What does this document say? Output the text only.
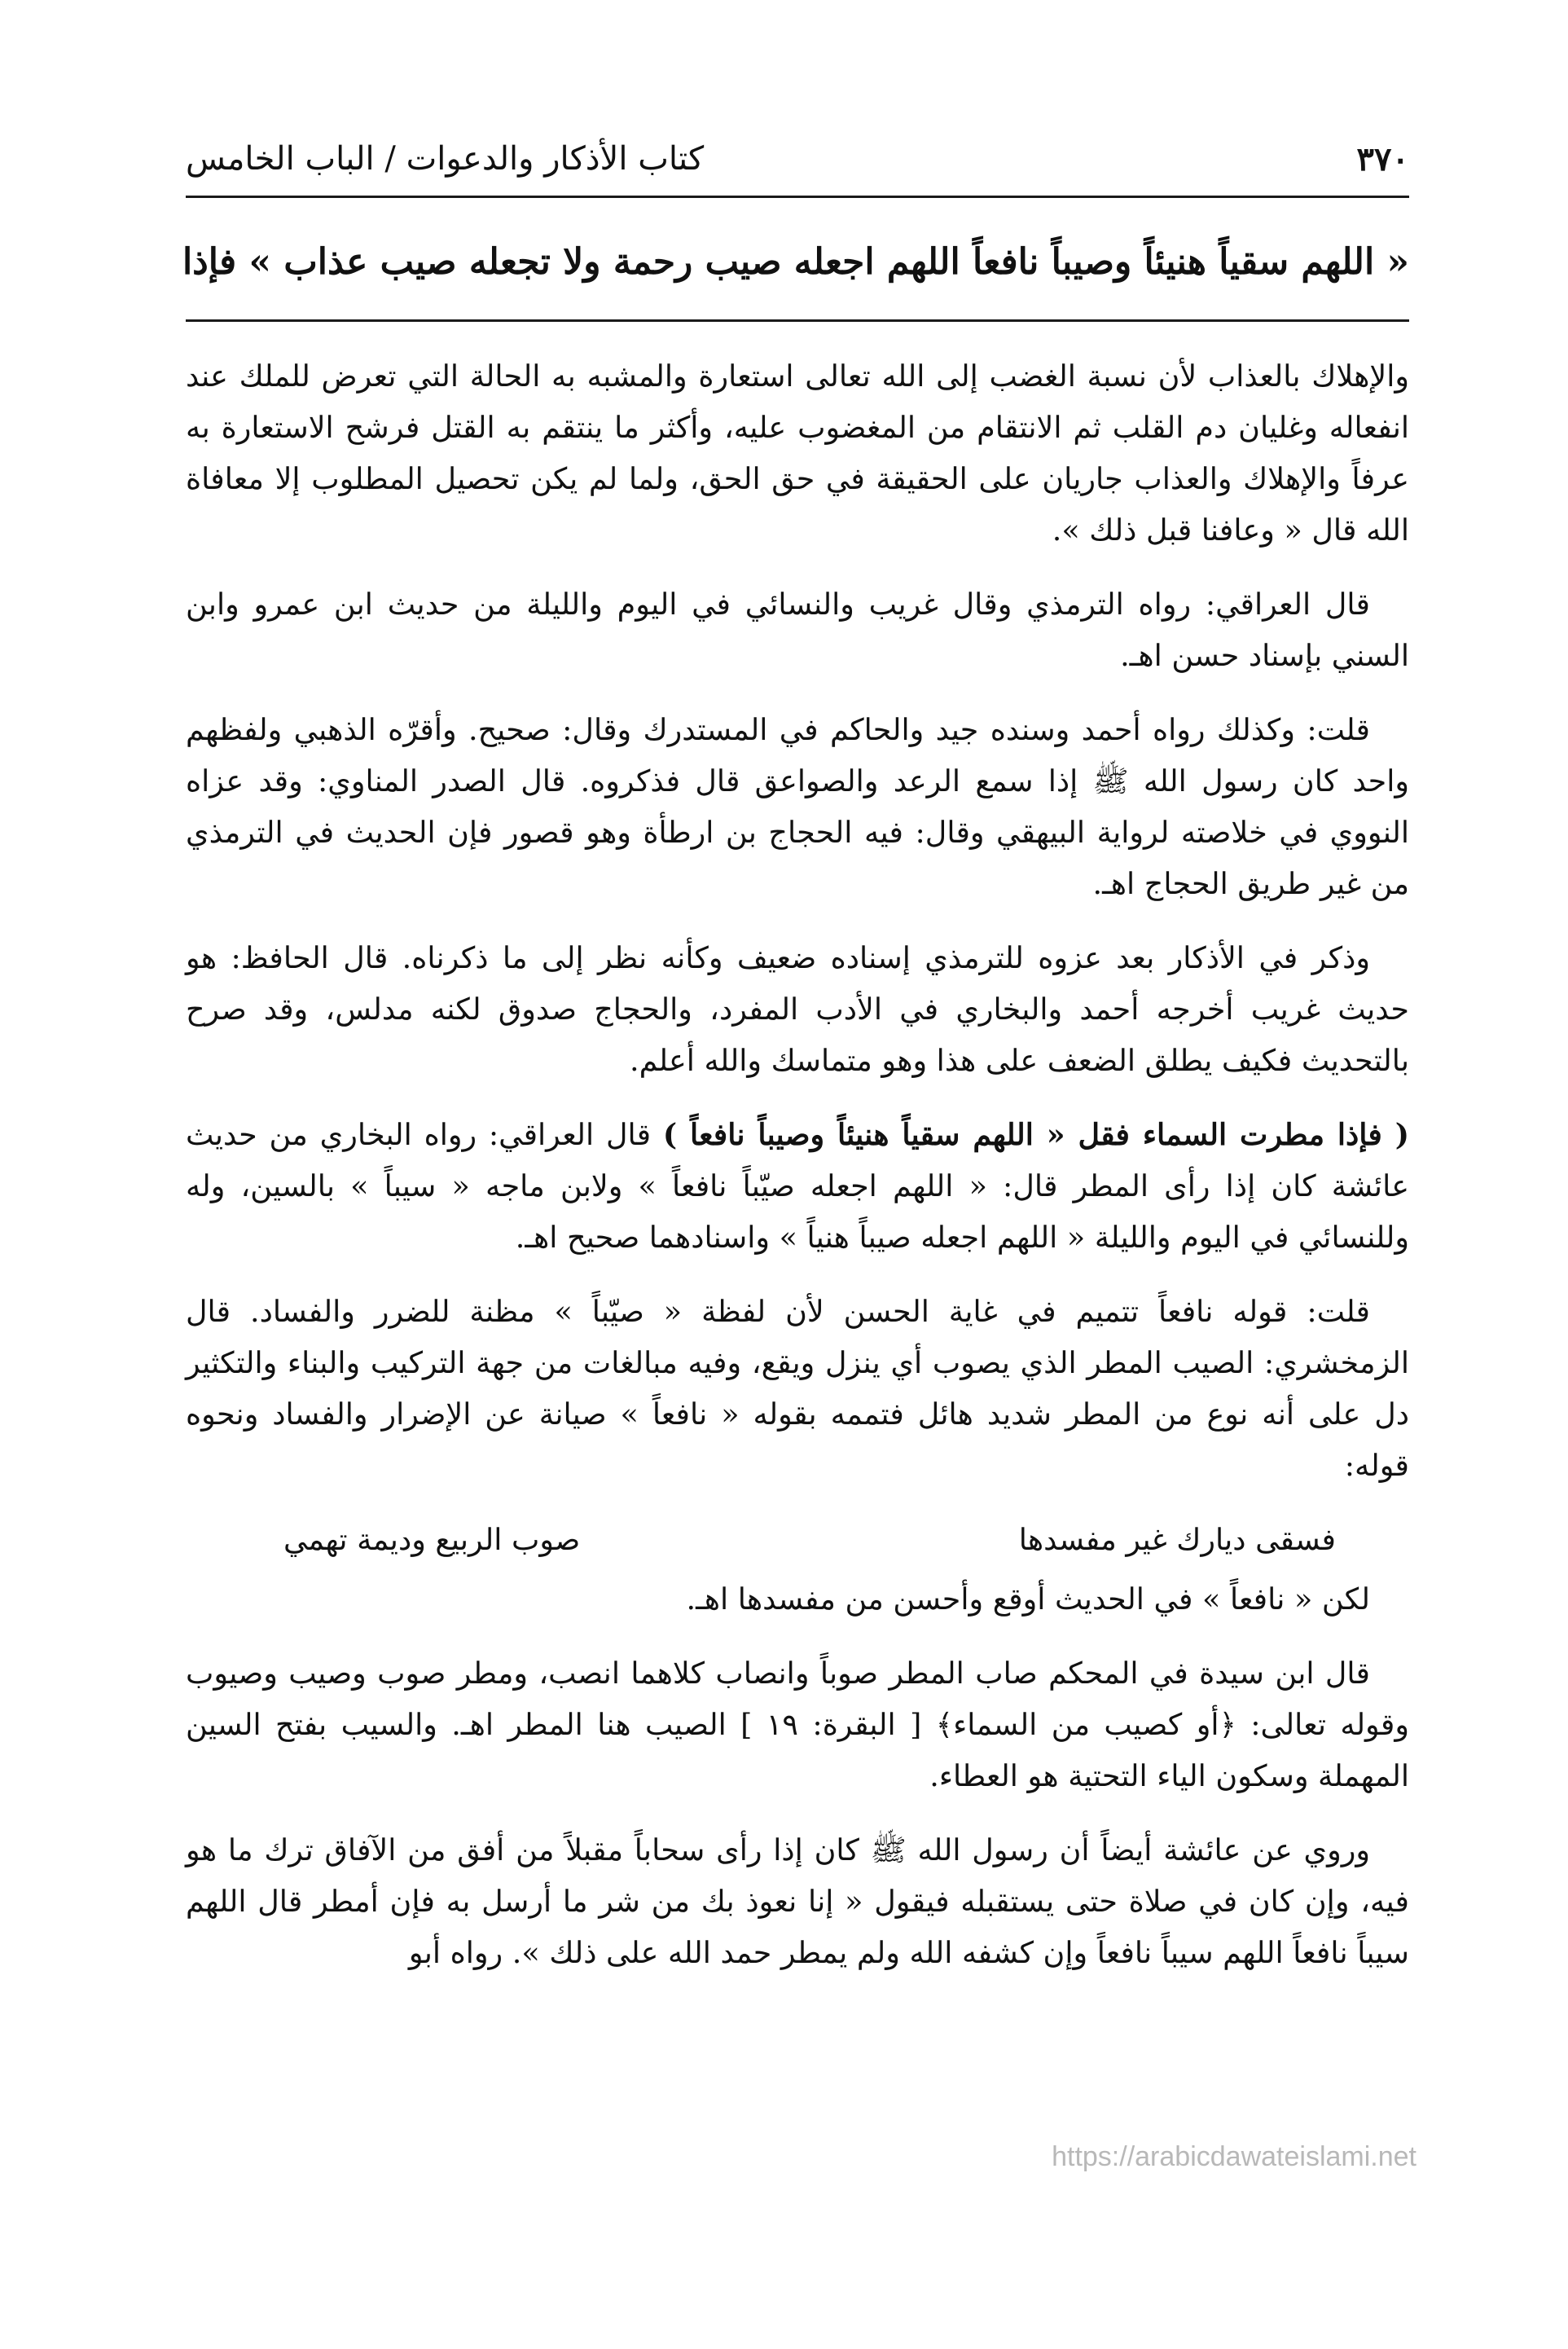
٣٧٠
كتاب الأذكار والدعوات / الباب الخامس
« اللهم سقياً هنيئاً وصيباً نافعاً اللهم اجعله صيب رحمة ولا تجعله صيب عذاب » فإذا

والإهلاك بالعذاب لأن نسبة الغضب إلى الله تعالى استعارة والمشبه به الحالة التي تعرض للملك عند انفعاله وغليان دم القلب ثم الانتقام من المغضوب عليه، وأكثر ما ينتقم به القتل فرشح الاستعارة به عرفاً والإهلاك والعذاب جاريان على الحقيقة في حق الحق، ولما لم يكن تحصيل المطلوب إلا معافاة الله قال « وعافنا قبل ذلك ».

قال العراقي: رواه الترمذي وقال غريب والنسائي في اليوم والليلة من حديث ابن عمرو وابن السني بإسناد حسن اهـ.

قلت: وكذلك رواه أحمد وسنده جيد والحاكم في المستدرك وقال: صحيح. وأقرّه الذهبي ولفظهم واحد كان رسول الله ﷺ إذا سمع الرعد والصواعق قال فذكروه. قال الصدر المناوي: وقد عزاه النووي في خلاصته لرواية البيهقي وقال: فيه الحجاج بن ارطأة وهو قصور فإن الحديث في الترمذي من غير طريق الحجاج اهـ.

وذكر في الأذكار بعد عزوه للترمذي إسناده ضعيف وكأنه نظر إلى ما ذكرناه. قال الحافظ: هو حديث غريب أخرجه أحمد والبخاري في الأدب المفرد، والحجاج صدوق لكنه مدلس، وقد صرح بالتحديث فكيف يطلق الضعف على هذا وهو متماسك والله أعلم.

( فإذا مطرت السماء فقل « اللهم سقياً هنيئاً وصيباً نافعاً ) قال العراقي: رواه البخاري من حديث عائشة كان إذا رأى المطر قال: « اللهم اجعله صيّباً نافعاً » ولابن ماجه « سيباً » بالسين، وله وللنسائي في اليوم والليلة « اللهم اجعله صيباً هنياً » واسنادهما صحيح اهـ.

قلت: قوله نافعاً تتميم في غاية الحسن لأن لفظة « صيّباً » مظنة للضرر والفساد. قال الزمخشري: الصيب المطر الذي يصوب أي ينزل ويقع، وفيه مبالغات من جهة التركيب والبناء والتكثير دل على أنه نوع من المطر شديد هائل فتممه بقوله « نافعاً » صيانة عن الإضرار والفساد ونحوه قوله:

فسقى ديارك غير مفسدها
صوب الربيع وديمة تهمي

لكن « نافعاً » في الحديث أوقع وأحسن من مفسدها اهـ.

قال ابن سيدة في المحكم صاب المطر صوباً وانصاب كلاهما انصب، ومطر صوب وصيب وصيوب وقوله تعالى: ﴿أو كصيب من السماء﴾ [ البقرة: ١٩ ] الصيب هنا المطر اهـ. والسيب بفتح السين المهملة وسكون الياء التحتية هو العطاء.

وروي عن عائشة أيضاً أن رسول الله ﷺ كان إذا رأى سحاباً مقبلاً من أفق من الآفاق ترك ما هو فيه، وإن كان في صلاة حتى يستقبله فيقول « إنا نعوذ بك من شر ما أرسل به فإن أمطر قال اللهم سيباً نافعاً اللهم سيباً نافعاً وإن كشفه الله ولم يمطر حمد الله على ذلك ». رواه أبو

https://arabicdawateislami.net
